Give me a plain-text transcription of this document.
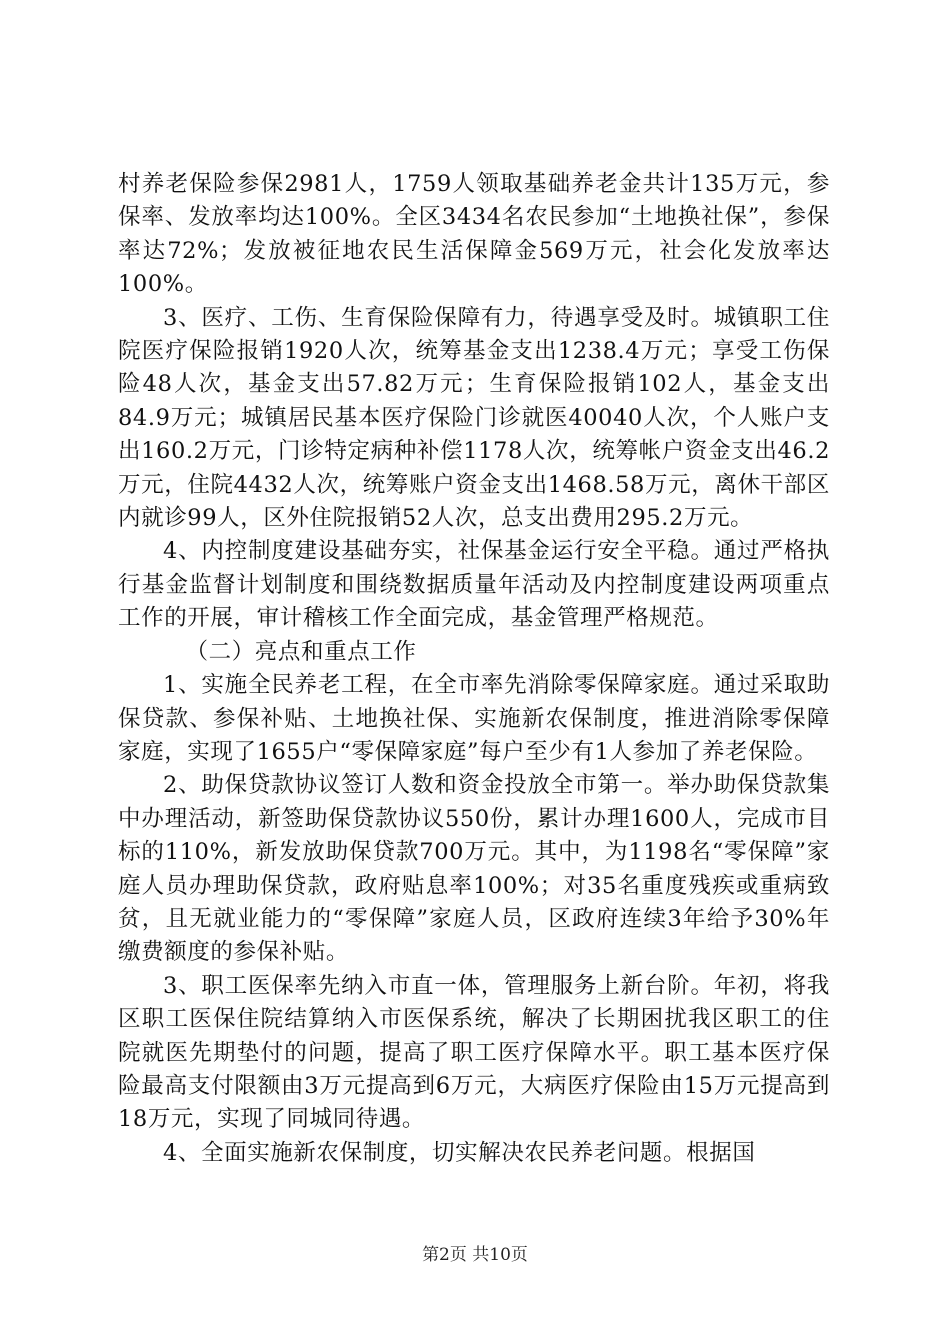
村养老保险参保2981人，1759人领取基础养老金共计135万元，参保率、发放率均达100%。全区3434名农民参加“土地换社保”，参保率达72%；发放被征地农民生活保障金569万元，社会化发放率达100%。

3、医疗、工伤、生育保险保障有力，待遇享受及时。城镇职工住院医疗保险报销1920人次，统筹基金支出1238.4万元；享受工伤保险48人次，基金支出57.82万元；生育保险报销102人，基金支出84.9万元；城镇居民基本医疗保险门诊就医40040人次，个人账户支出160.2万元，门诊特定病种补偿1178人次，统筹帐户资金支出46.2万元，住院4432人次，统筹账户资金支出1468.58万元，离休干部区内就诊99人，区外住院报销52人次，总支出费用295.2万元。

4、内控制度建设基础夯实，社保基金运行安全平稳。通过严格执行基金监督计划制度和围绕数据质量年活动及内控制度建设两项重点工作的开展，审计稽核工作全面完成，基金管理严格规范。

（二）亮点和重点工作

1、实施全民养老工程，在全市率先消除零保障家庭。通过采取助保贷款、参保补贴、土地换社保、实施新农保制度，推进消除零保障家庭，实现了1655户“零保障家庭”每户至少有1人参加了养老保险。

2、助保贷款协议签订人数和资金投放全市第一。举办助保贷款集中办理活动，新签助保贷款协议550份，累计办理1600人，完成市目标的110%，新发放助保贷款700万元。其中，为1198名“零保障”家庭人员办理助保贷款，政府贴息率100%；对35名重度残疾或重病致贫，且无就业能力的“零保障”家庭人员，区政府连续3年给予30%年缴费额度的参保补贴。

3、职工医保率先纳入市直一体，管理服务上新台阶。年初，将我区职工医保住院结算纳入市医保系统，解决了长期困扰我区职工的住院就医先期垫付的问题，提高了职工医疗保障水平。职工基本医疗保险最高支付限额由3万元提高到6万元，大病医疗保险由15万元提高到18万元，实现了同城同待遇。

4、全面实施新农保制度，切实解决农民养老问题。根据国

第2页 共10页
